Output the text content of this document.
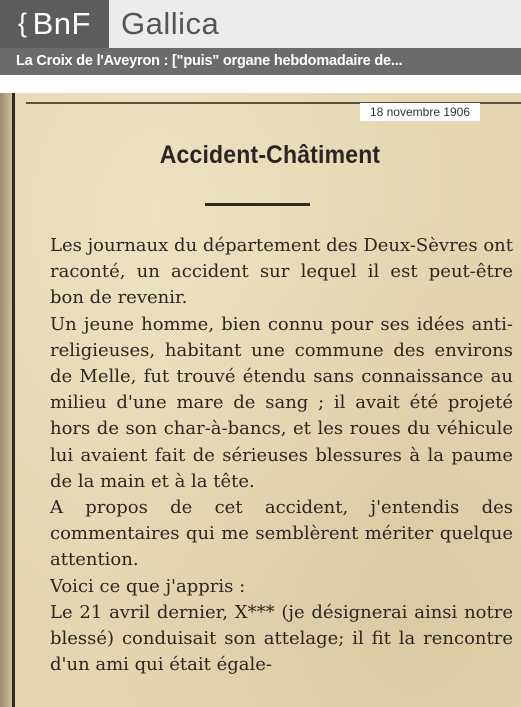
{ BnF Gallica
La Croix de l'Aveyron : ["puis" organe hebdomadaire de...
18 novembre 1906
Accident-Châtiment

Les journaux du département des Deux-Sèvres ont raconté, un accident sur lequel il est peut-être bon de revenir.

Un jeune homme, bien connu pour ses idées anti-religieuses, habitant une commune des environs de Melle, fut trouvé étendu sans connaissance au milieu d'une mare de sang ; il avait été projeté hors de son char-à-bancs, et les roues du véhicule lui avaient fait de sérieuses blessures à la paume de la main et à la tête.

A propos de cet accident, j'entendis des commentaires qui me semblèrent mériter quelque attention.

Voici ce que j'appris :

Le 21 avril dernier, X*** (je désignerai ainsi notre blessé) conduisait son attelage; il fit la rencontre d'un ami qui était égale-
